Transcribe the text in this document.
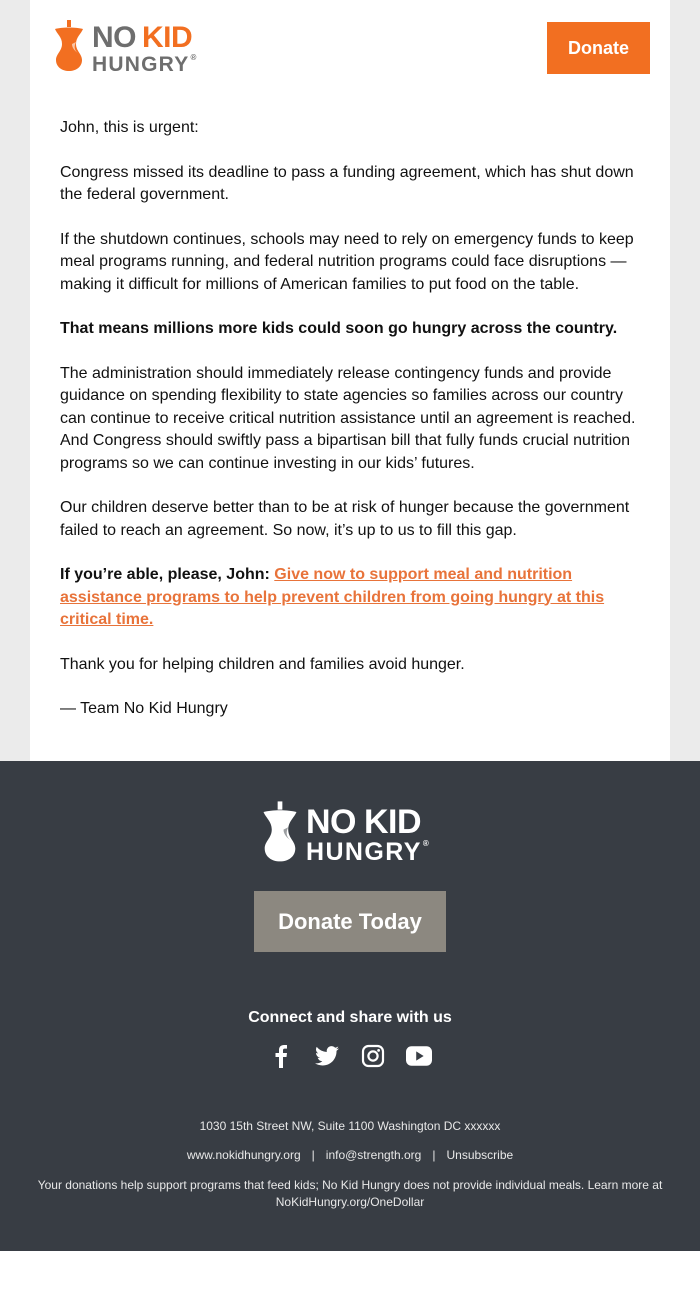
NO KID
HUNGRY®	Donate

John, this is urgent:

Congress missed its deadline to pass a funding agreement, which has shut down the federal government.

If the shutdown continues, schools may need to rely on emergency funds to keep meal programs running, and federal nutrition programs could face disruptions — making it difficult for millions of American families to put food on the table.

That means millions more kids could soon go hungry across the country.

The administration should immediately release contingency funds and provide guidance on spending flexibility to state agencies so families across our country can continue to receive critical nutrition assistance until an agreement is reached. And Congress should swiftly pass a bipartisan bill that fully funds crucial nutrition programs so we can continue investing in our kids’ futures.

Our children deserve better than to be at risk of hunger because the government failed to reach an agreement. So now, it’s up to us to fill this gap.

If you’re able, please, John: Give now to support meal and nutrition assistance programs to help prevent children from going hungry at this critical time.

Thank you for helping children and families avoid hunger.

— Team No Kid Hungry

NO KID
HUNGRY®
Donate Today
Connect and share with us
1030 15th Street NW, Suite 1100 Washington DC xxxxxx
www.nokidhungry.org | info@strength.org | Unsubscribe
Your donations help support programs that feed kids; No Kid Hungry does not provide individual meals. Learn more at NoKidHungry.org/OneDollar
